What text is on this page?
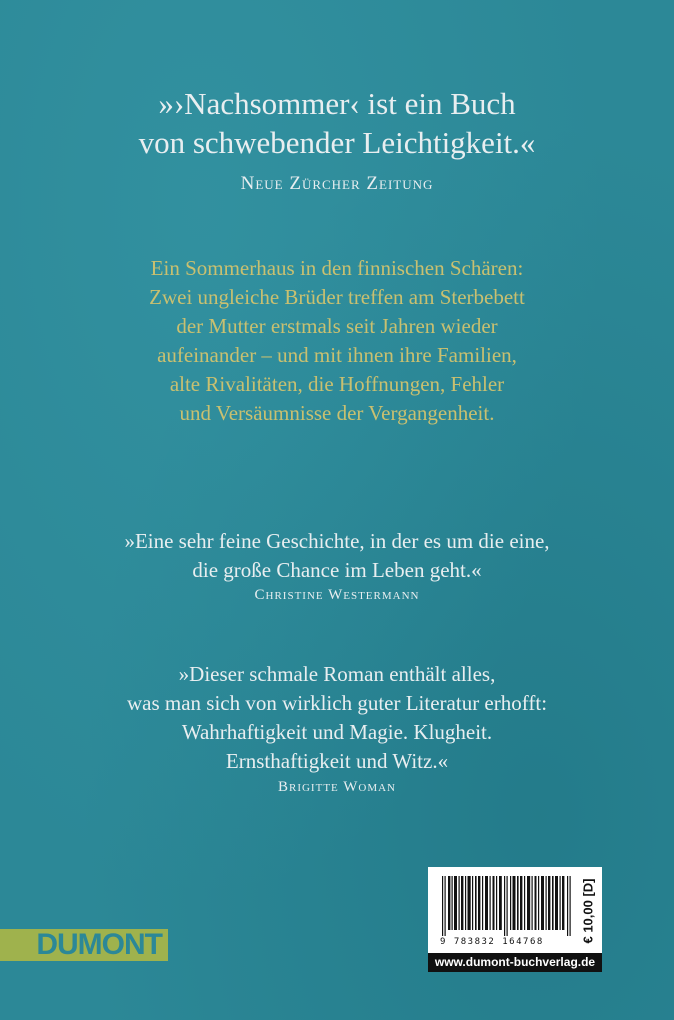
»›Nachsommer‹ ist ein Buch
von schwebender Leichtigkeit.«
Neue Zürcher Zeitung
Ein Sommerhaus in den finnischen Schären:
Zwei ungleiche Brüder treffen am Sterbebett
der Mutter erstmals seit Jahren wieder
aufeinander – und mit ihnen ihre Familien,
alte Rivalitäten, die Hoffnungen, Fehler
und Versäumnisse der Vergangenheit.
»Eine sehr feine Geschichte, in der es um die eine,
die große Chance im Leben geht.«
Christine Westermann
»Dieser schmale Roman enthält alles,
was man sich von wirklich guter Literatur erhofft:
Wahrhaftigkeit und Magie. Klugheit.
Ernsthaftigkeit und Witz.«
Brigitte Woman
DUMONT	9 783832 164768	€ 10,00 [D]
www.dumont-buchverlag.de
